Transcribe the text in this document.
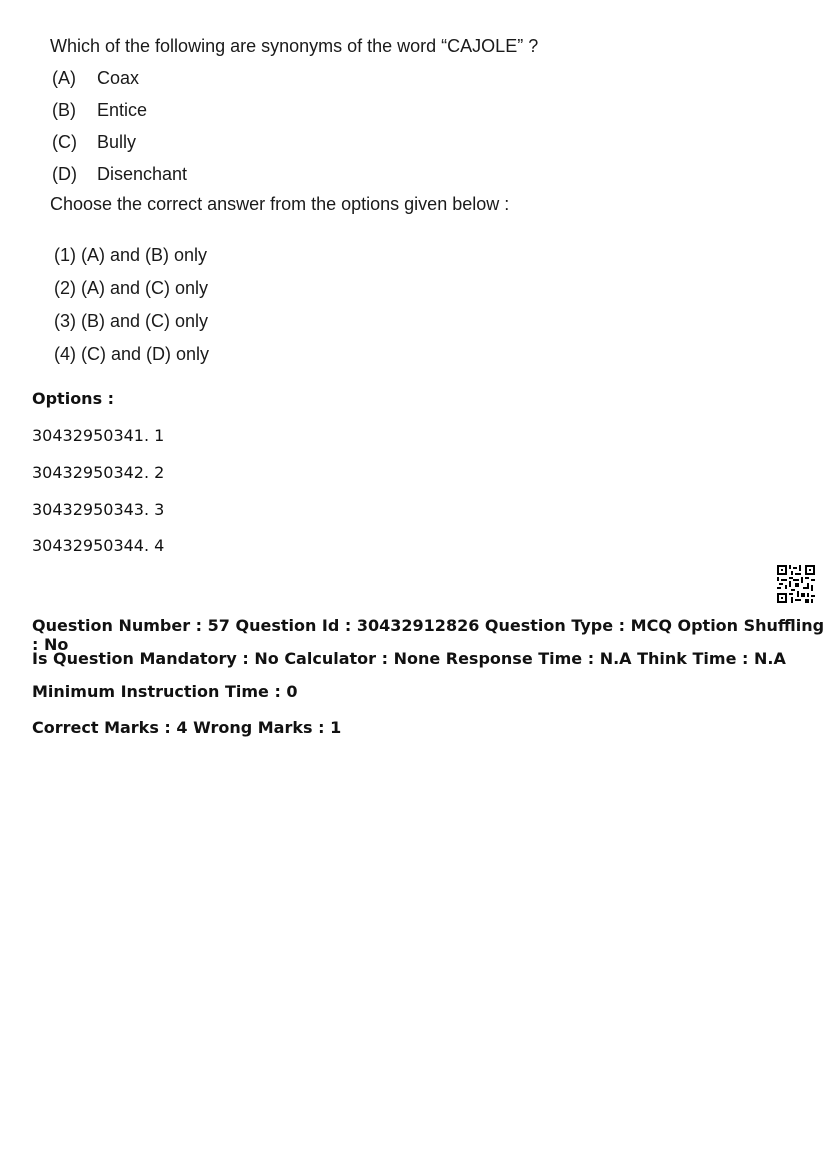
Which of the following are synonyms of the word “CAJOLE” ?
(A) Coax
(B) Entice
(C) Bully
(D) Disenchant
Choose the correct answer from the options given below :
(1) (A) and (B) only
(2) (A) and (C) only
(3) (B) and (C) only
(4) (C) and (D) only
Options :
30432950341. 1
30432950342. 2
30432950343. 3
30432950344. 4
Question Number : 57 Question Id : 30432912826 Question Type : MCQ Option Shuffling : No
Is Question Mandatory : No Calculator : None Response Time : N.A Think Time : N.A
Minimum Instruction Time : 0
Correct Marks : 4 Wrong Marks : 1
